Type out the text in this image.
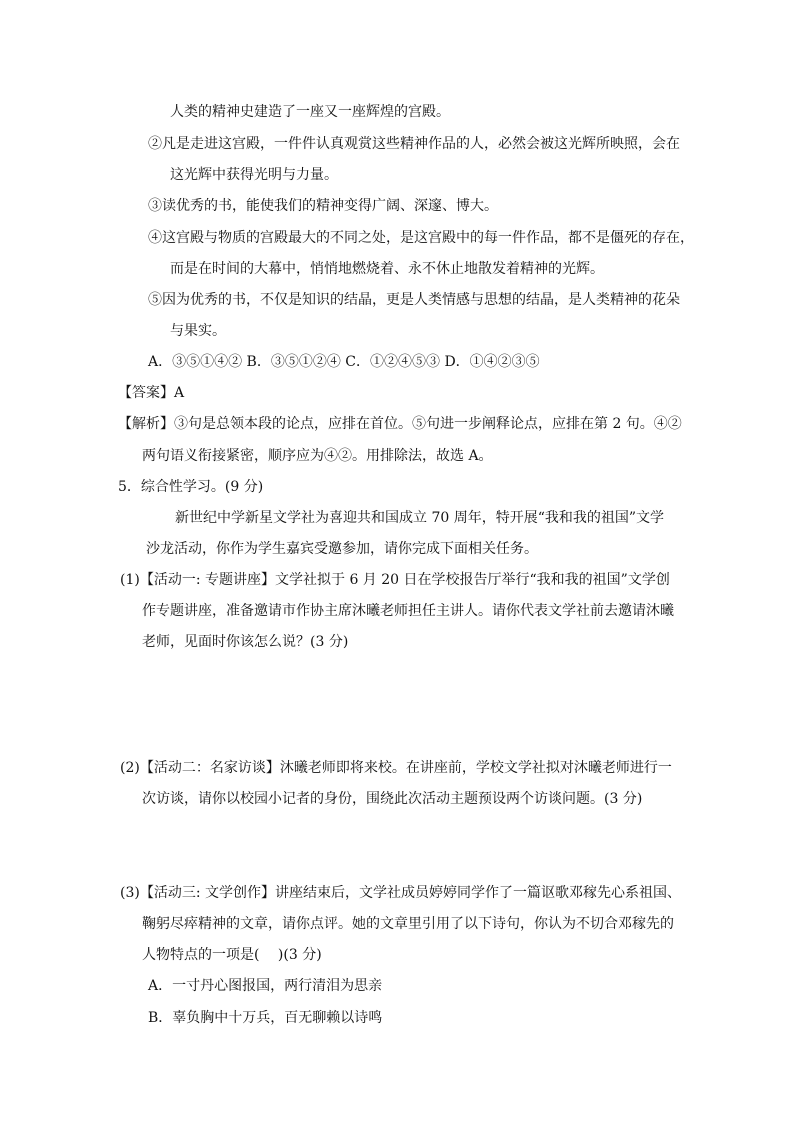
人类的精神史建造了一座又一座辉煌的宫殿。
②凡是走进这宫殿，一件件认真观赏这些精神作品的人，必然会被这光辉所映照，会在
这光辉中获得光明与力量。
③读优秀的书，能使我们的精神变得广阔、深邃、博大。
④这宫殿与物质的宫殿最大的不同之处，是这宫殿中的每一件作品，都不是僵死的存在，
而是在时间的大幕中，悄悄地燃烧着、永不休止地散发着精神的光辉。
⑤因为优秀的书，不仅是知识的结晶，更是人类情感与思想的结晶，是人类精神的花朵
与果实。
A．③⑤①④② B．③⑤①②④ C．①②④⑤③ D．①④②③⑤
【答案】A
【解析】③句是总领本段的论点，应排在首位。⑤句进一步阐释论点，应排在第 2 句。④②
两句语义衔接紧密，顺序应为④②。用排除法，故选 A。
5．综合性学习。(9 分)
新世纪中学新星文学社为喜迎共和国成立 70 周年，特开展“我和我的祖国”文学
沙龙活动，你作为学生嘉宾受邀参加，请你完成下面相关任务。
(1)【活动一: 专题讲座】文学社拟于 6 月 20 日在学校报告厅举行“我和我的祖国”文学创
作专题讲座，准备邀请市作协主席沐曦老师担任主讲人。请你代表文学社前去邀请沐曦
老师，见面时你该怎么说？(3 分)
(2)【活动二：名家访谈】沐曦老师即将来校。在讲座前，学校文学社拟对沐曦老师进行一
次访谈，请你以校园小记者的身份，围绕此次活动主题预设两个访谈问题。(3 分)
(3)【活动三: 文学创作】讲座结束后，文学社成员婷婷同学作了一篇讴歌邓稼先心系祖国、
鞠躬尽瘁精神的文章，请你点评。她的文章里引用了以下诗句，你认为不切合邓稼先的
人物特点的一项是(　 )(3 分)
A．一寸丹心图报国，两行清泪为思亲
B．辜负胸中十万兵，百无聊赖以诗鸣
